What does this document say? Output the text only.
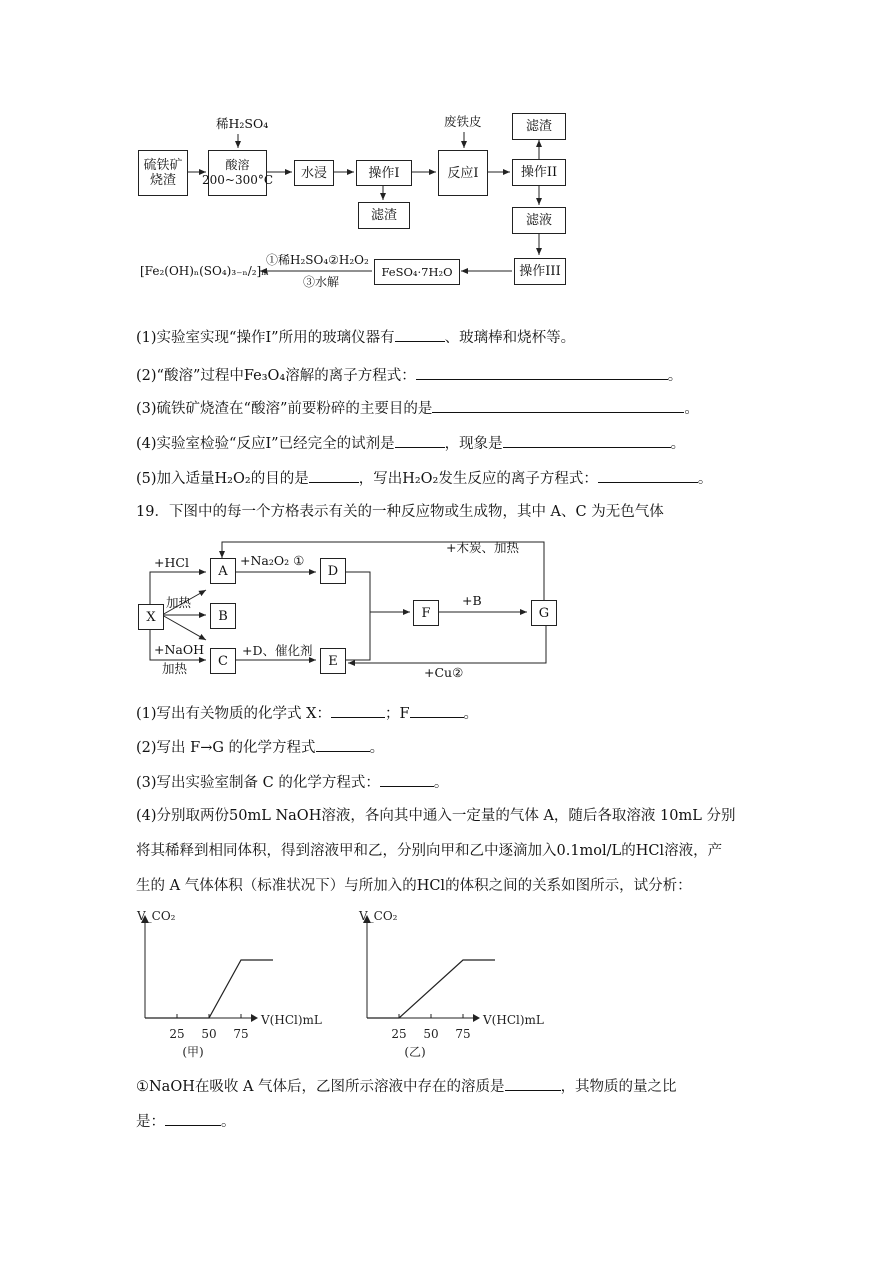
硫铁矿
烧渣
酸溶
200~300°C	水浸	操作I	反应I	操作II
滤渣
滤渣	滤液
操作III
FeSO₄·7H₂O
[Fe₂(OH)ₙ(SO₄)₃₋ₙ/₂]ₘ
稀H₂SO₄	废铁皮
①稀H₂SO₄②H₂O₂
③水解
(1)实验室实现“操作I”所用的玻璃仪器有	、玻璃棒和烧杯等。
(2)“酸溶”过程中Fe₃O₄溶解的离子方程式：	。
(3)硫铁矿烧渣在“酸溶”前要粉碎的主要目的是	。
(4)实验室检验“反应I”已经完全的试剂是	，现象是	。
(5)加入适量H₂O₂的目的是	，写出H₂O₂发生反应的离子方程式：	。
19．下图中的每一个方格表示有关的一种反应物或生成物，其中 A、C 为无色气体
X
A
B
C
D
E
F	G
+HCl
加热
+NaOH
加热
+Na₂O₂ ①
+D、催化剂
+B
+木炭、加热
+Cu②
(1)写出有关物质的化学式 X：	；F	。
(2)写出 F→G 的化学方程式	。
(3)写出实验室制备 C 的化学方程式：	。
(4)分别取两份50mL NaOH溶液，各向其中通入一定量的气体 A，随后各取溶液 10mL 分别
将其稀释到相同体积，得到溶液甲和乙，分别向甲和乙中逐滴加入0.1mol/L的HCl溶液，产
生的 A 气体体积（标准状况下）与所加入的HCl的体积之间的关系如图所示，试分析：
V_CO₂
V(HCl)mL
25 50 75
(甲)
V_CO₂
V(HCl)mL
25 50 75
(乙)
①NaOH在吸收 A 气体后，乙图所示溶液中存在的溶质是	，其物质的量之比
是：	。
